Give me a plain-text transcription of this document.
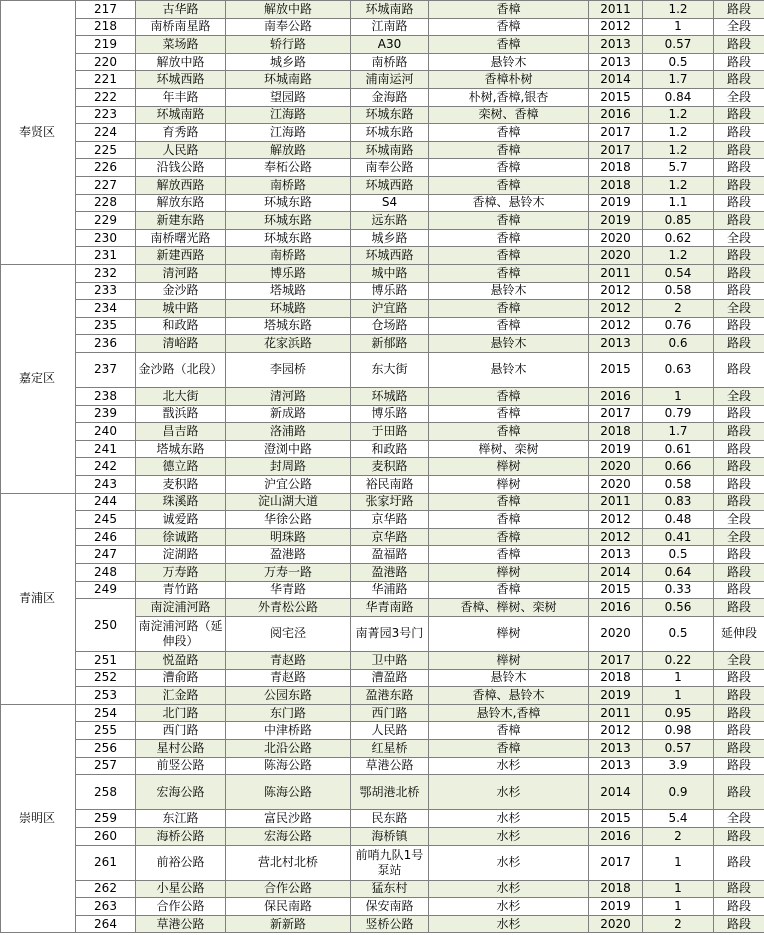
奉贤区	217	古华路	解放中路	环城南路	香樟	2011	1.2	路段
	218	南桥南星路	南奉公路	江南路	香樟	2012	1	全段
	219	菜场路	轿行路	A30	香樟	2013	0.57	路段
	220	解放中路	城乡路	南桥路	悬铃木	2013	0.5	路段
	221	环城西路	环城南路	浦南运河	香樟朴树	2014	1.7	路段
	222	年丰路	望园路	金海路	朴树,香樟,银杏	2015	0.84	全段
	223	环城南路	江海路	环城东路	栾树、香樟	2016	1.2	路段
	224	育秀路	江海路	环城东路	香樟	2017	1.2	路段
	225	人民路	解放路	环城南路	香樟	2017	1.2	路段
	226	沿钱公路	奉柘公路	南奉公路	香樟	2018	5.7	路段
	227	解放西路	南桥路	环城西路	香樟	2018	1.2	路段
	228	解放东路	环城东路	S4	香樟、悬铃木	2019	1.1	路段
	229	新建东路	环城东路	远东路	香樟	2019	0.85	路段
	230	南桥曙光路	环城东路	城乡路	香樟	2020	0.62	全段
	231	新建西路	南桥路	环城西路	香樟	2020	1.2	路段
嘉定区	232	清河路	博乐路	城中路	香樟	2011	0.54	路段
	233	金沙路	塔城路	博乐路	悬铃木	2012	0.58	路段
	234	城中路	环城路	沪宜路	香樟	2012	2	全段
	235	和政路	塔城东路	仓场路	香樟	2012	0.76	路段
	236	清峪路	花家浜路	新郁路	悬铃木	2013	0.6	路段
	237	金沙路（北段）	李园桥	东大街	悬铃木	2015	0.63	路段
	238	北大街	清河路	环城路	香樟	2016	1	全段
	239	戬浜路	新成路	博乐路	香樟	2017	0.79	路段
	240	昌吉路	洛浦路	于田路	香樟	2018	1.7	路段
	241	塔城东路	澄浏中路	和政路	榉树、栾树	2019	0.61	路段
	242	德立路	封周路	麦积路	榉树	2020	0.66	路段
	243	麦积路	沪宜公路	裕民南路	榉树	2020	0.58	路段
青浦区	244	珠溪路	淀山湖大道	张家圩路	香樟	2011	0.83	路段
	245	诚爱路	华徐公路	京华路	香樟	2012	0.48	全段
	246	徐诚路	明珠路	京华路	香樟	2012	0.41	全段
	247	淀湖路	盈港路	盈福路	香樟	2013	0.5	路段
	248	万寿路	万寿一路	盈港路	榉树	2014	0.64	路段
	249	青竹路	华青路	华浦路	香樟	2015	0.33	路段
	250	南淀浦河路	外青松公路	华青南路	香樟、榉树、栾树	2016	0.56	路段
		南淀浦河路（延伸段）	阅宅泾	南菁园3号门	榉树	2020	0.5	延伸段
	251	悦盈路	青赵路	卫中路	榉树	2017	0.22	全段
	252	漕俞路	青赵路	漕盈路	悬铃木	2018	1	路段
	253	汇金路	公园东路	盈港东路	香樟、悬铃木	2019	1	路段
崇明区	254	北门路	东门路	西门路	悬铃木,香樟	2011	0.95	路段
	255	西门路	中津桥路	人民路	香樟	2012	0.98	路段
	256	星村公路	北沿公路	红星桥	香樟	2013	0.57	路段
	257	前竖公路	陈海公路	草港公路	水杉	2013	3.9	路段
	258	宏海公路	陈海公路	鄂胡港北桥	水杉	2014	0.9	路段
	259	东江路	富民沙路	民东路	水杉	2015	5.4	全段
	260	海桥公路	宏海公路	海桥镇	水杉	2016	2	路段
	261	前裕公路	营北村北桥	前哨九队1号泵站	水杉	2017	1	路段
	262	小星公路	合作公路	猛东村	水杉	2018	1	路段
	263	合作公路	保民南路	保安南路	水杉	2019	1	路段
	264	草港公路	新新路	竖桥公路	水杉	2020	2	路段
